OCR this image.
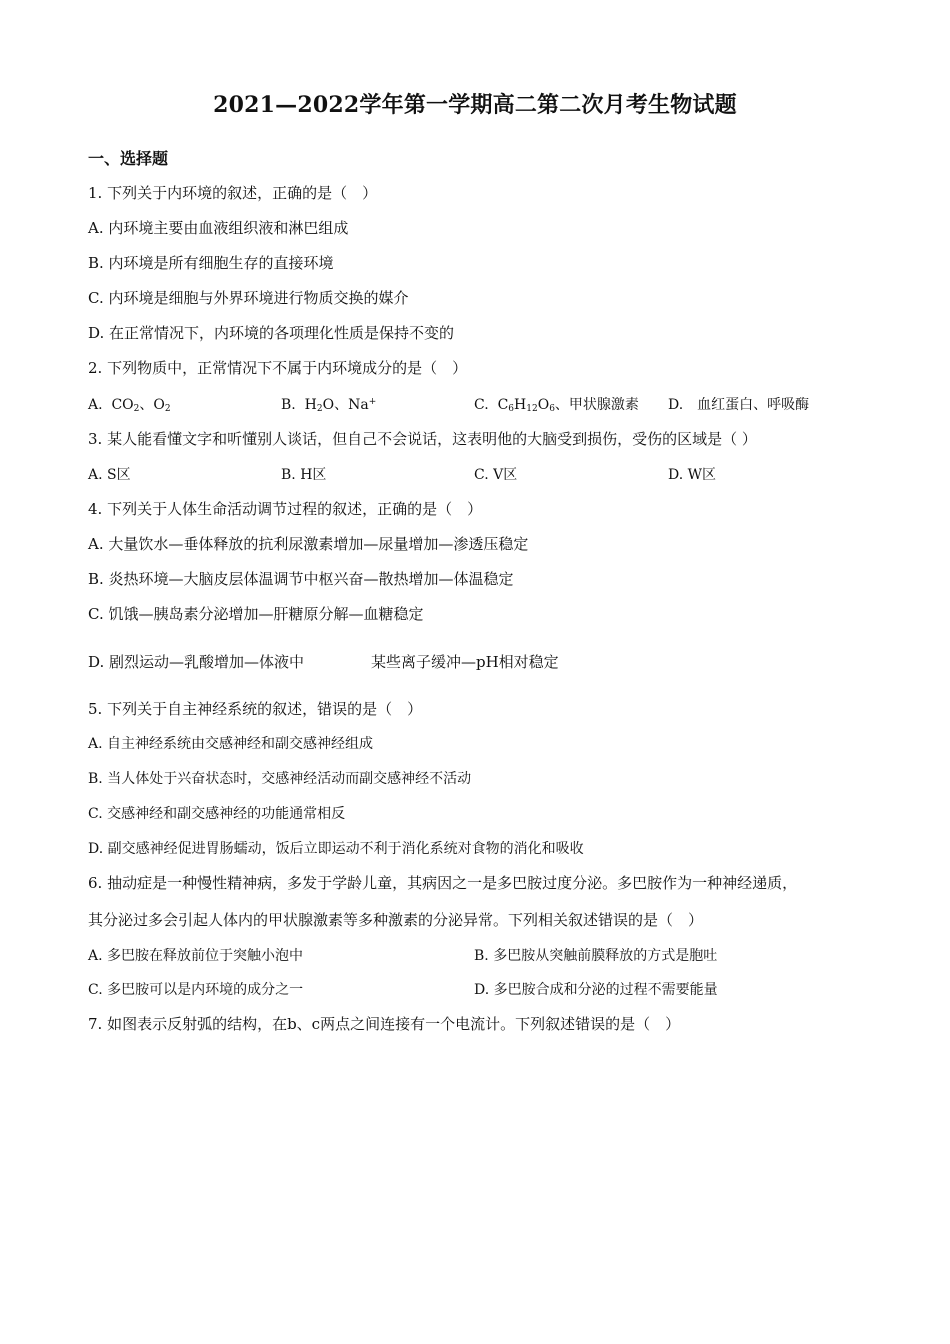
2021—2022学年第一学期高二第二次月考生物试题
一、选择题
1. 下列关于内环境的叙述，正确的是（　）
A. 内环境主要由血液组织液和淋巴组成
B. 内环境是所有细胞生存的直接环境
C. 内环境是细胞与外界环境进行物质交换的媒介
D. 在正常情况下，内环境的各项理化性质是保持不变的
2. 下列物质中，正常情况下不属于内环境成分的是（　）
A. $CO_2$、$O_2$	B. $H_2O$、Na+	C. $C_6H_{12}O_6$、甲状腺激素 D.　血红蛋白、呼吸酶
3. 某人能看懂文字和听懂别人谈话，但自己不会说话，这表明他的大脑受到损伤，受伤的区域是（ ）
A. S区	B. H区	C. V区	D. W区
4. 下列关于人体生命活动调节过程的叙述，正确的是（　）
A. 大量饮水—垂体释放的抗利尿激素增加—尿量增加—渗透压稳定
B. 炎热环境—大脑皮层体温调节中枢兴奋—散热增加—体温稳定
C. 饥饿—胰岛素分泌增加—肝糖原分解—血糖稳定
D. 剧烈运动—乳酸增加—体液中	某些离子缓冲—pH相对稳定
5. 下列关于自主神经系统的叙述，错误的是（　）
A. 自主神经系统由交感神经和副交感神经组成
B. 当人体处于兴奋状态时，交感神经活动而副交感神经不活动
C. 交感神经和副交感神经的功能通常相反
D. 副交感神经促进胃肠蠕动，饭后立即运动不利于消化系统对食物的消化和吸收
6. 抽动症是一种慢性精神病，多发于学龄儿童，其病因之一是多巴胺过度分泌。多巴胺作为一种神经递质，
其分泌过多会引起人体内的甲状腺激素等多种激素的分泌异常。下列相关叙述错误的是（　）
A. 多巴胺在释放前位于突触小泡中	B. 多巴胺从突触前膜释放的方式是胞吐
C. 多巴胺可以是内环境的成分之一	D. 多巴胺合成和分泌的过程不需要能量
7. 如图表示反射弧的结构，在b、c两点之间连接有一个电流计。下列叙述错误的是（　）
